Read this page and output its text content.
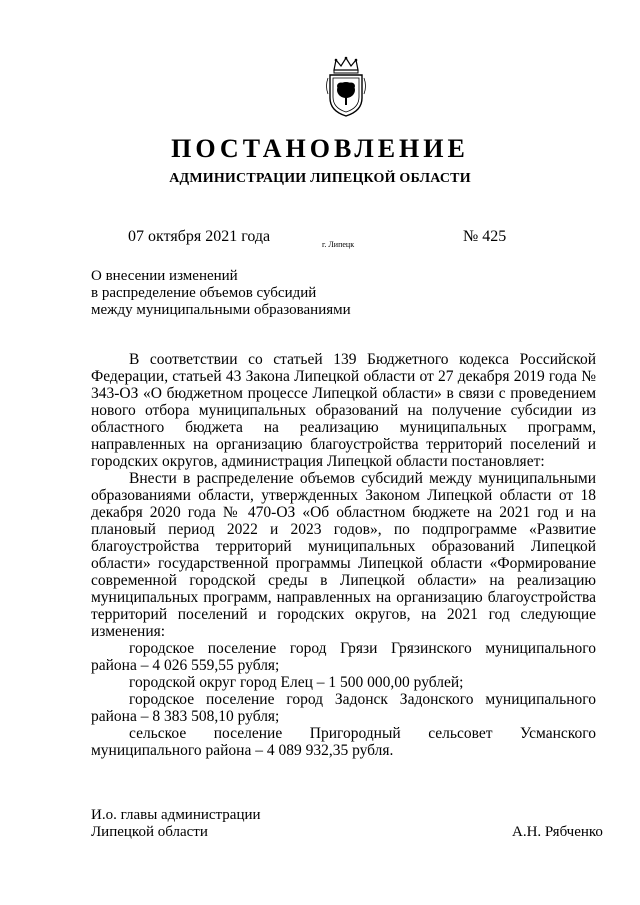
ПОСТАНОВЛЕНИЕ
АДМИНИСТРАЦИИ ЛИПЕЦКОЙ ОБЛАСТИ
07 октября 2021 года	г. Липецк	№ 425
О внесении изменений
в распределение объемов субсидий
между муниципальными образованиями

В соответствии со статьей 139 Бюджетного кодекса Российской Федерации, статьей 43 Закона Липецкой области от 27 декабря 2019 года № 343-ОЗ «О бюджетном процессе Липецкой области» в связи с проведением нового отбора муниципальных образований на получение субсидии из областного бюджета на реализацию муниципальных программ, направленных на организацию благоустройства территорий поселений и городских округов, администрация Липецкой области постановляет:

Внести в распределение объемов субсидий между муниципальными образованиями области, утвержденных Законом Липецкой области от 18 декабря 2020 года № 470-ОЗ «Об областном бюджете на 2021 год и на плановый период 2022 и 2023 годов», по подпрограмме «Развитие благоустройства территорий муниципальных образований Липецкой области» государственной программы Липецкой области «Формирование современной городской среды в Липецкой области» на реализацию муниципальных программ, направленных на организацию благоустройства территорий поселений и городских округов, на 2021 год следующие изменения:

городское поселение город Грязи Грязинского муниципального района – 4 026 559,55 рубля;

городской округ город Елец – 1 500 000,00 рублей;

городское поселение город Задонск Задонского муниципального района – 8 383 508,10 рубля;

сельское поселение Пригородный сельсовет Усманского муниципального района – 4 089 932,35 рубля.

И.о. главы администрации
Липецкой области	А.Н. Рябченко
